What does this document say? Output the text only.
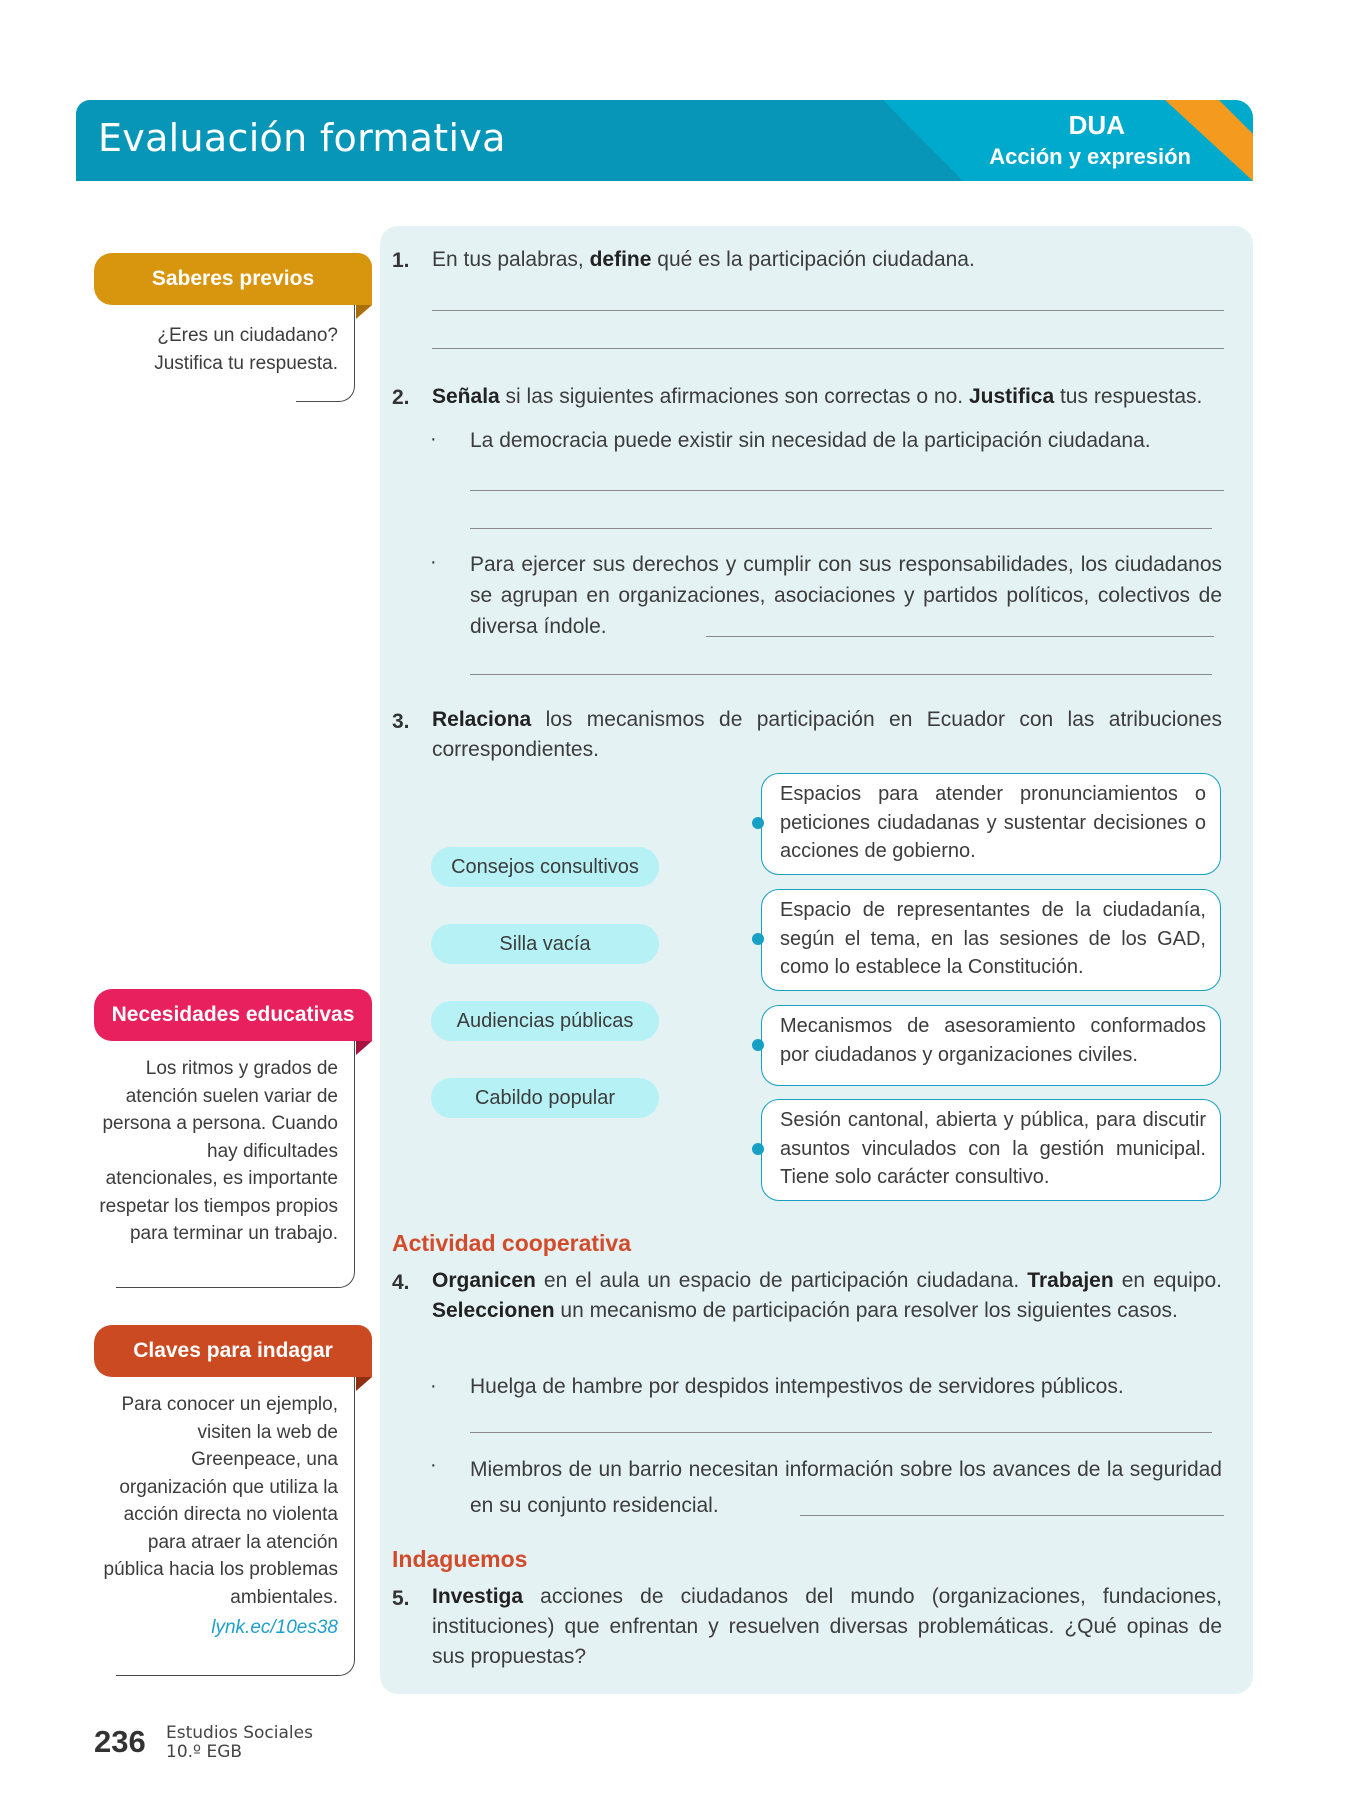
Evaluación formativa	DUA
Acción y expresión
Saberes previos
¿Eres un ciudadano? Justifica tu respuesta.
Necesidades educativas
Los ritmos y grados de atención suelen variar de persona a persona. Cuando hay dificultades atencionales, es importante respetar los tiempos propios para terminar un trabajo.
Claves para indagar
Para conocer un ejemplo, visiten la web de Greenpeace, una organización que utiliza la acción directa no violenta para atraer la atención pública hacia los problemas ambientales.
lynk.ec/10es38
1. En tus palabras, define qué es la participación ciudadana.
2. Señala si las siguientes afirmaciones son correctas o no. Justifica tus respuestas.
· La democracia puede existir sin necesidad de la participación ciudadana.
· Para ejercer sus derechos y cumplir con sus responsabilidades, los ciudadanos se agrupan en organizaciones, asociaciones y partidos políticos, colectivos de diversa índole.
3. Relaciona los mecanismos de participación en Ecuador con las atribuciones correspondientes.
Consejos consultivos
Silla vacía
Audiencias públicas
Cabildo popular
Espacios para atender pronunciamientos o peticiones ciudadanas y sustentar decisiones o acciones de gobierno.
Espacio de representantes de la ciudadanía, según el tema, en las sesiones de los GAD, como lo establece la Constitución.
Mecanismos de asesoramiento conformados por ciudadanos y organizaciones civiles.
Sesión cantonal, abierta y pública, para discutir asuntos vinculados con la gestión municipal. Tiene solo carácter consultivo.
Actividad cooperativa
4. Organicen en el aula un espacio de participación ciudadana. Trabajen en equipo. Seleccionen un mecanismo de participación para resolver los siguientes casos.
· Huelga de hambre por despidos intempestivos de servidores públicos.
· Miembros de un barrio necesitan información sobre los avances de la seguridad en su conjunto residencial.
Indaguemos
5. Investiga acciones de ciudadanos del mundo (organizaciones, fundaciones, instituciones) que enfrentan y resuelven diversas problemáticas. ¿Qué opinas de sus propuestas?
236 Estudios Sociales
10.º EGB
